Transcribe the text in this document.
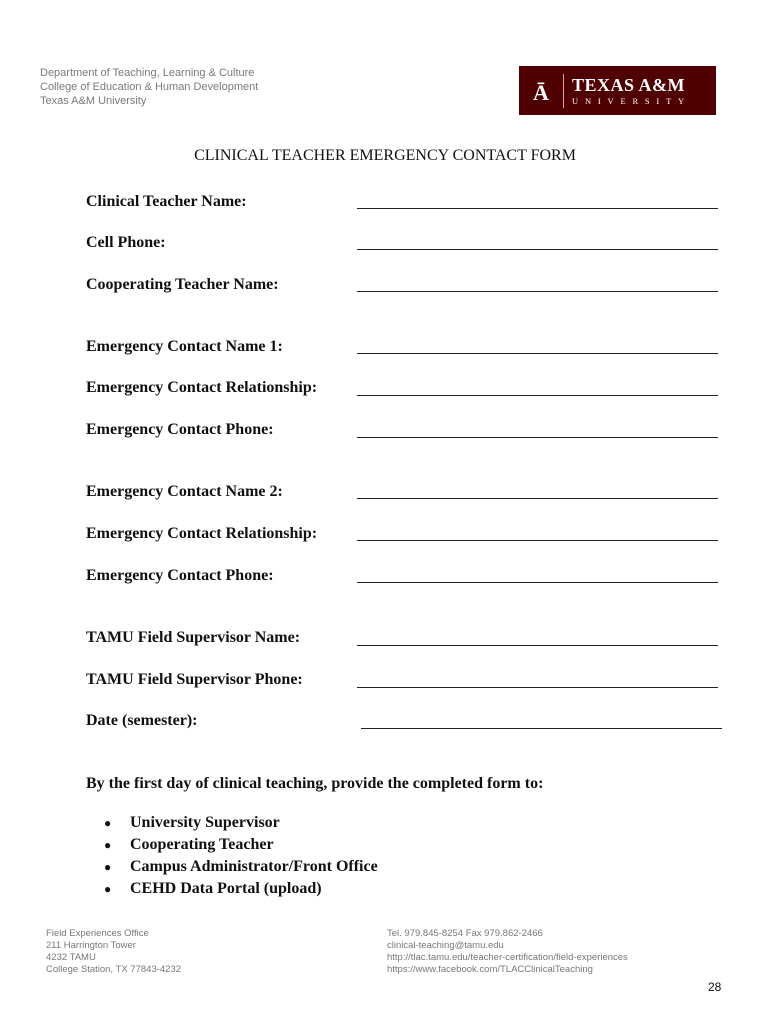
Department of Teaching, Learning & Culture
College of Education & Human Development
Texas A&M University	Ā TEXAS A&M
UNIVERSITY
CLINICAL TEACHER EMERGENCY CONTACT FORM
Clinical Teacher Name:
Cell Phone:
Cooperating Teacher Name:
Emergency Contact Name 1:
Emergency Contact Relationship:
Emergency Contact Phone:
Emergency Contact Name 2:
Emergency Contact Relationship:
Emergency Contact Phone:
TAMU Field Supervisor Name:
TAMU Field Supervisor Phone:
Date (semester):
By the first day of clinical teaching, provide the completed form to:
●	University Supervisor
●	Cooperating Teacher
●	Campus Administrator/Front Office
●	CEHD Data Portal (upload)
Field Experiences Office
211 Harrington Tower
4232 TAMU
College Station, TX 77843-4232
Tel. 979.845-8254 Fax 979.862-2466
clinical-teaching@tamu.edu
http://tlac.tamu.edu/teacher-certification/field-experiences
https://www.facebook.com/TLACClinicalTeaching
28
